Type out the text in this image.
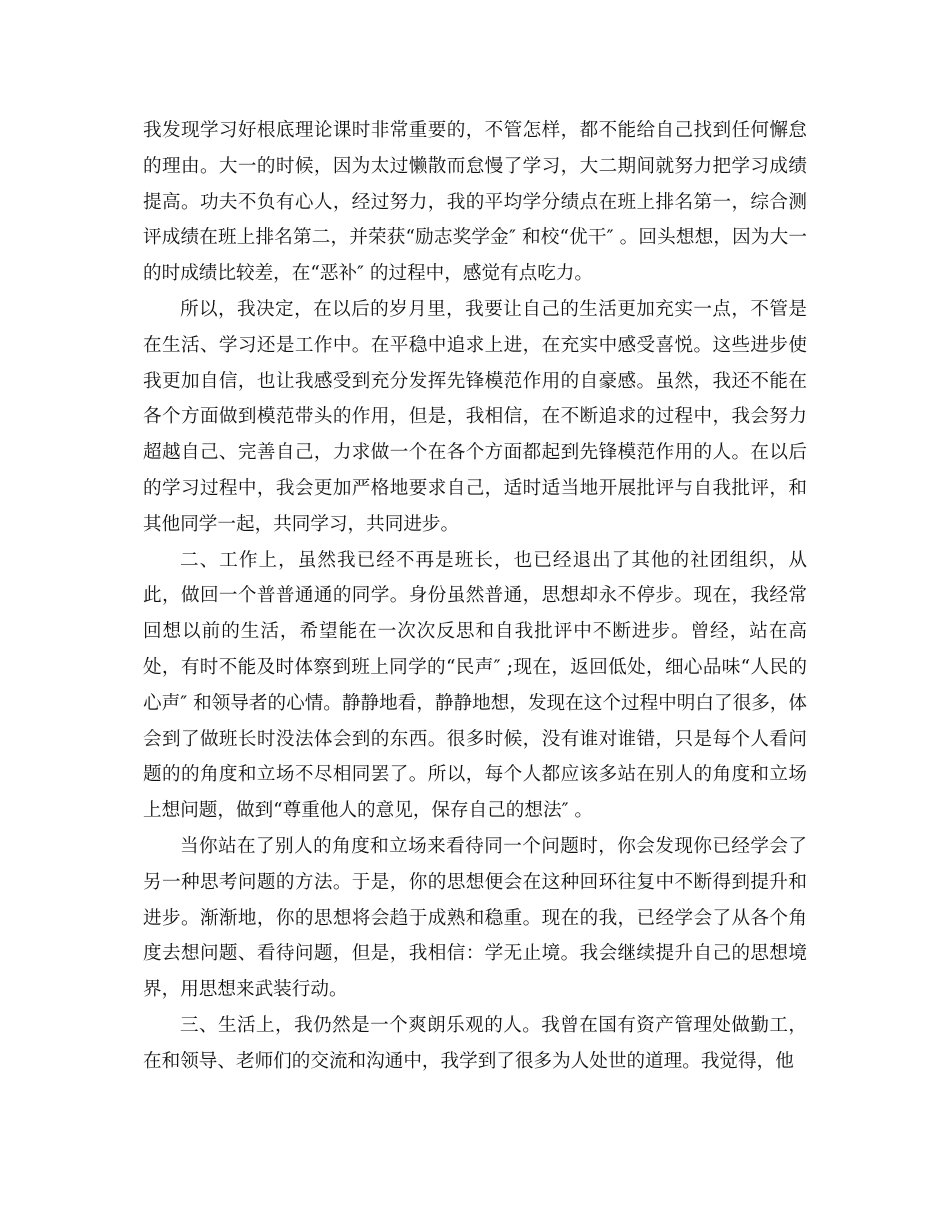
我发现学习好根底理论课时非常重要的，不管怎样，都不能给自己找到任何懈怠的理由。大一的时候，因为太过懒散而怠慢了学习，大二期间就努力把学习成绩提高。功夫不负有心人，经过努力，我的平均学分绩点在班上排名第一，综合测评成绩在班上排名第二，并荣获“励志奖学金″ 和校“优干″ 。回头想想，因为大一的时成绩比较差，在“恶补″ 的过程中，感觉有点吃力。

所以，我决定，在以后的岁月里，我要让自己的生活更加充实一点，不管是在生活、学习还是工作中。在平稳中追求上进，在充实中感受喜悦。这些进步使我更加自信，也让我感受到充分发挥先锋模范作用的自豪感。虽然，我还不能在各个方面做到模范带头的作用，但是，我相信，在不断追求的过程中，我会努力超越自己、完善自己，力求做一个在各个方面都起到先锋模范作用的人。在以后的学习过程中，我会更加严格地要求自己，适时适当地开展批评与自我批评，和其他同学一起，共同学习，共同进步。

二、工作上，虽然我已经不再是班长，也已经退出了其他的社团组织，从此，做回一个普普通通的同学。身份虽然普通，思想却永不停步。现在，我经常回想以前的生活，希望能在一次次反思和自我批评中不断进步。曾经，站在高处，有时不能及时体察到班上同学的“民声″ ;现在，返回低处，细心品味“人民的心声″ 和领导者的心情。静静地看，静静地想，发现在这个过程中明白了很多，体会到了做班长时没法体会到的东西。很多时候，没有谁对谁错，只是每个人看问题的的角度和立场不尽相同罢了。所以，每个人都应该多站在别人的角度和立场上想问题，做到“尊重他人的意见，保存自己的想法″ 。

当你站在了别人的角度和立场来看待同一个问题时，你会发现你已经学会了另一种思考问题的方法。于是，你的思想便会在这种回环往复中不断得到提升和进步。渐渐地，你的思想将会趋于成熟和稳重。现在的我，已经学会了从各个角度去想问题、看待问题，但是，我相信：学无止境。我会继续提升自己的思想境界，用思想来武装行动。

三、生活上，我仍然是一个爽朗乐观的人。我曾在国有资产管理处做勤工，在和领导、老师们的交流和沟通中，我学到了很多为人处世的道理。我觉得，他
